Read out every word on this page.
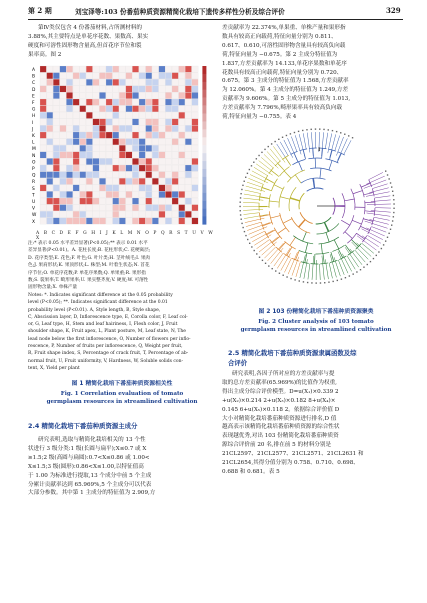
第 2 期	刘宝泽等:103 份番茄种质资源精简化栽培下遗传多样性分析及综合评价	329
第Ⅳ类仅包含 4 份番茄材料,占所测材料的
3.88%,其主要特点是单花序花数、果数高、果实
硬度和可溶性固形物含量高,但首花序节位和裂
果率高。图 2
A
B
C
D
E
F
G
H
I
J
K
L
M
N
O
P
Q
R
S
T
U
V
W
X
A B C D E F G H I J K L M N O P Q R S T U V W X
注:* 表示 0.05 水平差异显著(P<0.05);** 表示 0.01 水平
差异显著(P<0.01)。A. 花柱长度;B. 花柱形状;C. 花梗离层;
D. 花序类型;E. 花色;F. 叶色;G. 叶片类;H. 茎叶绒毛;I. 果肉
色;J. 果肩形状;K. 果顶形状;L. 株型;M. 叶着生状态;N. 首花
序节位;O. 单花序花数;P. 单花序果数;Q. 单果重;R. 果形指
数;S. 裂果率;T. 畸形果率;U. 果实整齐度;V. 硬度;W. 可溶性
固形物含量;X. 单株产量
Notes: *. Indicates significant difference at the 0.05 probability
level (P<0.05); **. Indicates significant difference at the 0.01
probability level (P<0.01). A, Style length, B, Style shape,
C, Abscission layer, D, Inflorescence type, E, Corolla color, F, Leaf col-
or, G, Leaf type, H, Stem and leaf hairiness, I, Flesh color, J, Fruit
shoulder shape, K, Fruit apex, L, Plant posture, M, Leaf state, N, The
lead node below the first inflorescence, O, Number of flowers per inflo-
rescence, P, Number of fruits per inflorescence, Q, Weight per fruit,
R, Fruit shape index, S, Percentage of crack fruit, T, Percentage of ab-
normal fruit, U, Fruit uniformity, V, Hardness, W, Soluble solids con-
tent, X, Yield per plant
图 1 精简化栽培下番茄种质资源相关性
Fig. 1 Correlation evaluation of tomato
germplasm resources in streamlined cultivation
2.4 精简化栽培下番茄种质资源主成分
研究表明,选取与精简化栽培相关的 13 个性
状进行 3 级分类:1 级(长圆与扁平);X≤0.7 或 X
≥1.5;2 级(高圆与扁圆):0.7<X≤0.86 或 1.00<
X≤1.5;3 级(圆形):0.86<X≤1.00,以特征值高
于 1.00 为标准进行提取,13 个成分中前 5 个主成
分累计贡献率达到 65.969%,5 个主成分可以代表
大部分参数。其中第 1 主成分的特征值为 2.909,方
差贡献率为 22.374%,单果重、单株产量和果形指
数具有较高正向载荷,特征向量分别为 0.811、
0.617、0.610,可溶性固形物含量具有较高负向载
荷,特征向量为 −0.675。第 2 主成分特征值为
1.837,方差贡献率为 14.133,单花序果数和单花序
花数具有较高正向载荷,特征向量分别为 0.720、
0.675。第 3 主成分的特征值为 1.568,方差贡献率
为 12.060%。第 4 主成分的特征值为 1.249,方差
贡献率为 9.606%。第 5 主成分的特征值为 1.013,
方差贡献率为 7.796%,畸形果率具有较高负向载
荷,特征向量为 −0.755。表 4
Ⅰ
图 2 103 份精简化栽培下番茄种质资源聚类
Fig. 2 Cluster analysis of 103 tomato
germplasm resources in streamlined cultivation
2.5 精简化栽培下番茄种质资源隶属函数及综
合评价
研究表明,各因子所对应的方差贡献率与提
取的总方差贡献率(65.969%)的比值作为权重,
得出主成分综合评价模型。D=u(X₁)×0.339 2
+u(X₂)×0.214 2+u(X₃)×0.182 8+u(X₄)×
0.145 6+u(X₅)×0.118 2。依据综合评价值 D
大小对精简化栽培番茄种质资源进行排名,D 值
越高表示该精简化栽培番茄种质资源的综合性状
表现越优秀,对出 103 份精简化栽培番茄种质资
源综合评价前 20 名,排在前 5 的材料分别是
21CL2597、21CL2577、21CL2571、21CL2631 和
21CL2654,其得分值分别为 0.758、0.710、0.698、
0.688 和 0.681。表 5
